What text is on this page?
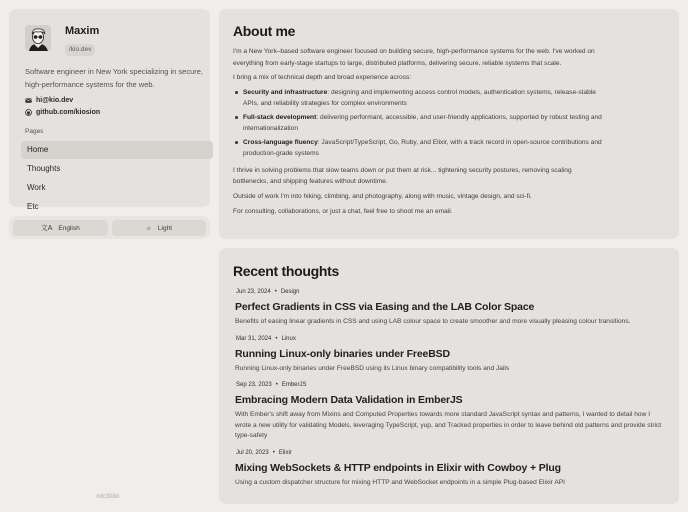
Maxim
/kio.dev

Software engineer in New York specializing in secure, high-performance systems for the web.

hi@kio.dev
github.com/kiosion
Pages
Home
Thoughts
Work
Etc
文A English	☼ Light
#dc308d
About me

I'm a New York–based software engineer focused on building secure, high-performance systems for the web. I've worked on everything from early-stage startups to large, distributed platforms, delivering secure, reliable systems that scale.

I bring a mix of technical depth and broad experience across:

Security and infrastructure: designing and implementing access control models, authentication systems, release-stable APIs, and reliability strategies for complex environments
Full-stack development: delivering performant, accessible, and user-friendly applications, supported by robust testing and internationalization
Cross-language fluency: JavaScript/TypeScript, Go, Ruby, and Elixir, with a track record in open-source contributions and production-grade systems

I thrive in solving problems that slow teams down or put them at risk... tightening security postures, removing scaling bottlenecks, and shipping features without downtime.

Outside of work I'm into hiking, climbing, and photography, along with music, vintage design, and sci-fi.

For consulting, collaborations, or just a chat, feel free to shoot me an email.

Recent thoughts
Jun 23, 2024 • Design
Perfect Gradients in CSS via Easing and the LAB Color Space
Benefits of easing linear gradients in CSS and using LAB colour space to create smoother and more visually pleasing colour transitions.
Mar 31, 2024 • Linux
Running Linux-only binaries under FreeBSD
Running Linux-only binaries under FreeBSD using its Linux binary compatibility tools and Jails
Sep 23, 2023 • EmberJS
Embracing Modern Data Validation in EmberJS
With Ember's shift away from Mixins and Computed Properties towards more standard JavaScript syntax and patterns, I wanted to detail how I wrote a new utility for validating Models, leveraging TypeScript, yup, and Tracked properties in order to leave behind old patterns and provide strict type-safety
Jul 20, 2023 • Elixir
Mixing WebSockets & HTTP endpoints in Elixir with Cowboy + Plug
Using a custom dispatcher structure for mixing HTTP and WebSocket endpoints in a simple Plug-based Elixir API
